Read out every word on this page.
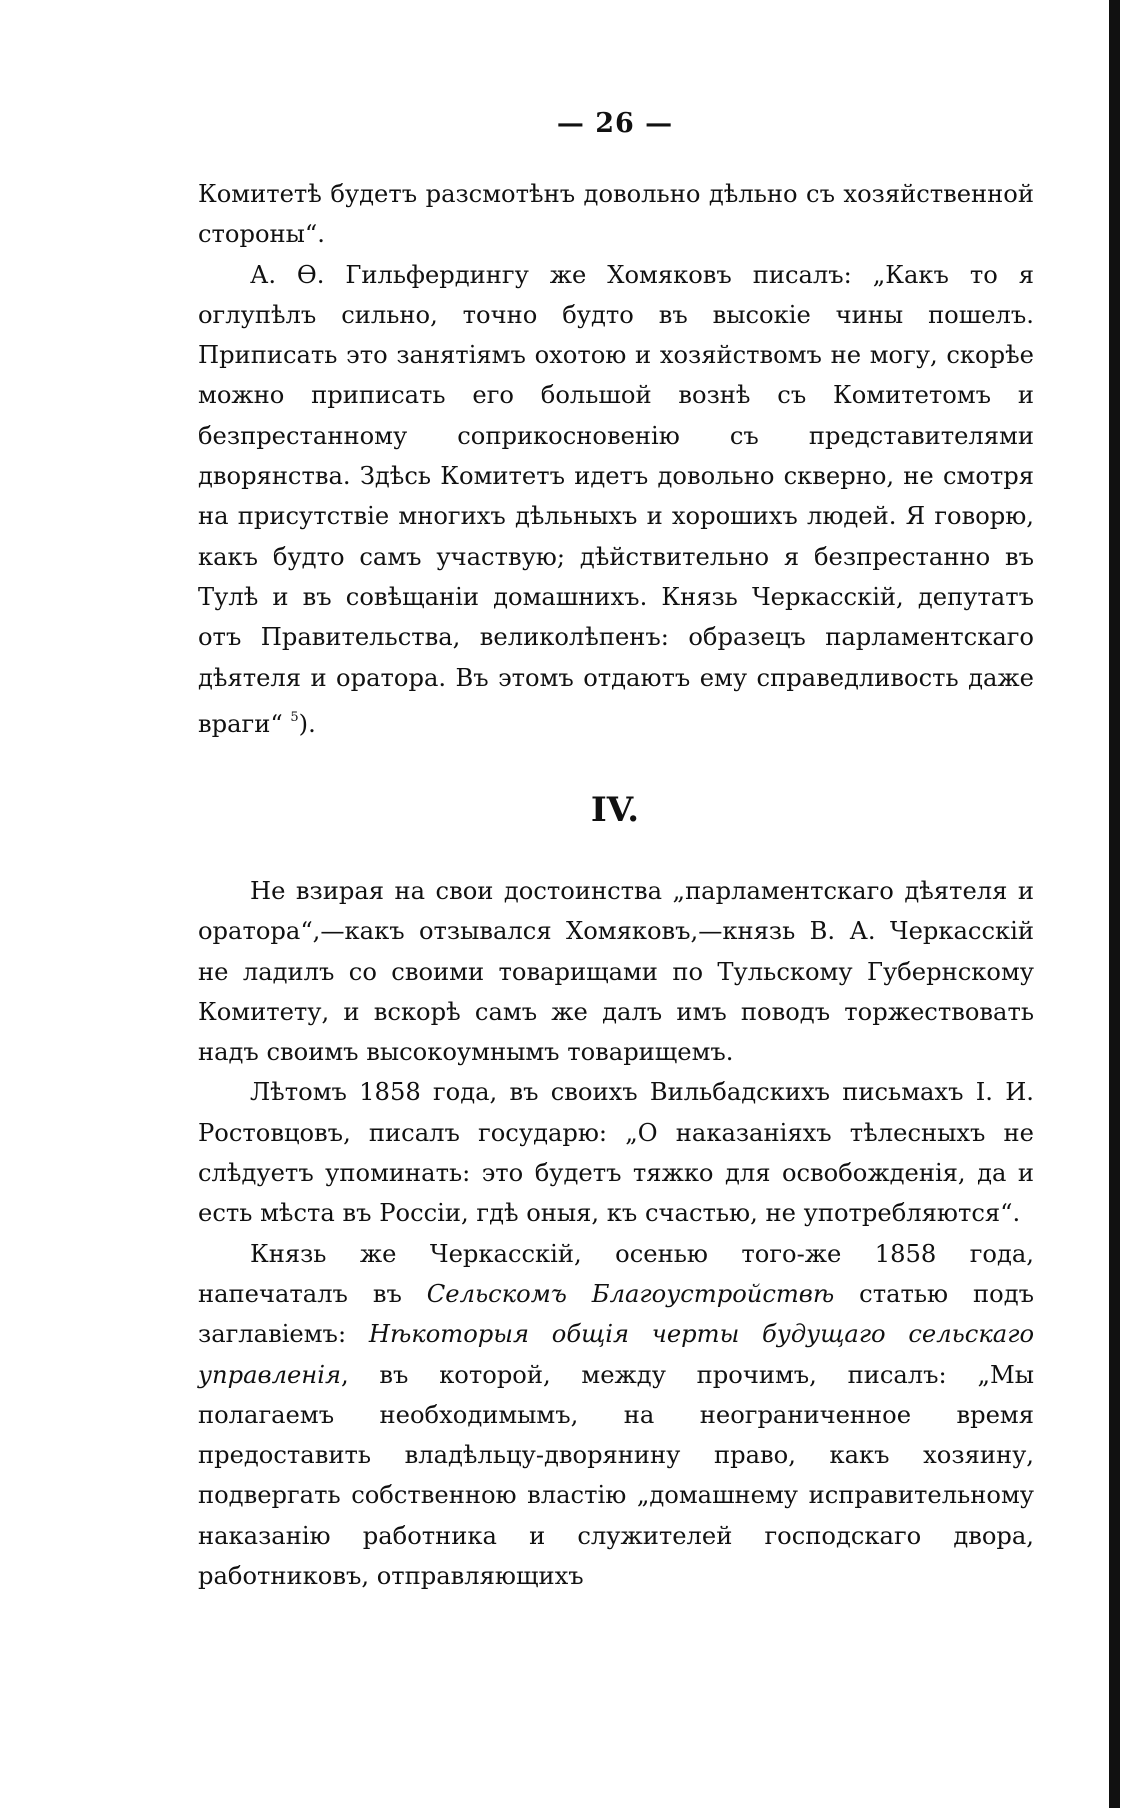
— 26 —

Комитетѣ будетъ разсмотѣнъ довольно дѣльно съ хозяйственной стороны“.

А. Ѳ. Гильфердингу же Хомяковъ писалъ: „Какъ то я оглупѣлъ сильно, точно будто въ высокіе чины пошелъ. Приписать это занятіямъ охотою и хозяйствомъ не могу, скорѣе можно приписать его большой вознѣ съ Комитетомъ и безпрестанному соприкосновенію съ представителями дворянства. Здѣсь Комитетъ идетъ довольно скверно, не смотря на присутствіе многихъ дѣльныхъ и хорошихъ людей. Я говорю, какъ будто самъ участвую; дѣйствительно я безпрестанно въ Тулѣ и въ совѣщаніи домашнихъ. Князь Черкасскій, депутатъ отъ Правительства, великолѣпенъ: образецъ парламентскаго дѣятеля и оратора. Въ этомъ отдаютъ ему справедливость даже враги“ $^5$).

IV.

Не взирая на свои достоинства „парламентскаго дѣятеля и оратора“,—какъ отзывался Хомяковъ,—князь В. А. Черкасскій не ладилъ со своими товарищами по Тульскому Губернскому Комитету, и вскорѣ самъ же далъ имъ поводъ торжествовать надъ своимъ высокоумнымъ товарищемъ.

Лѣтомъ 1858 года, въ своихъ Вильбадскихъ письмахъ І. И. Ростовцовъ, писалъ государю: „О наказаніяхъ тѣлесныхъ не слѣдуетъ упоминать: это будетъ тяжко для освобожденія, да и есть мѣста въ Россіи, гдѣ оныя, къ счастью, не употребляются“.

Князь же Черкасскій, осенью того-же 1858 года, напечаталъ въ Сельскомъ Благоустройствѣ статью подъ заглавіемъ: Нѣкоторыя общія черты будущаго сельскаго управленія, въ которой, между прочимъ, писалъ: „Мы полагаемъ необходимымъ, на неограниченное время предоставить владѣльцу-дворянину право, какъ хозяину, подвергать собственною властію „домашнему исправительному наказанію работника и служителей господскаго двора, работниковъ, отправляющихъ
